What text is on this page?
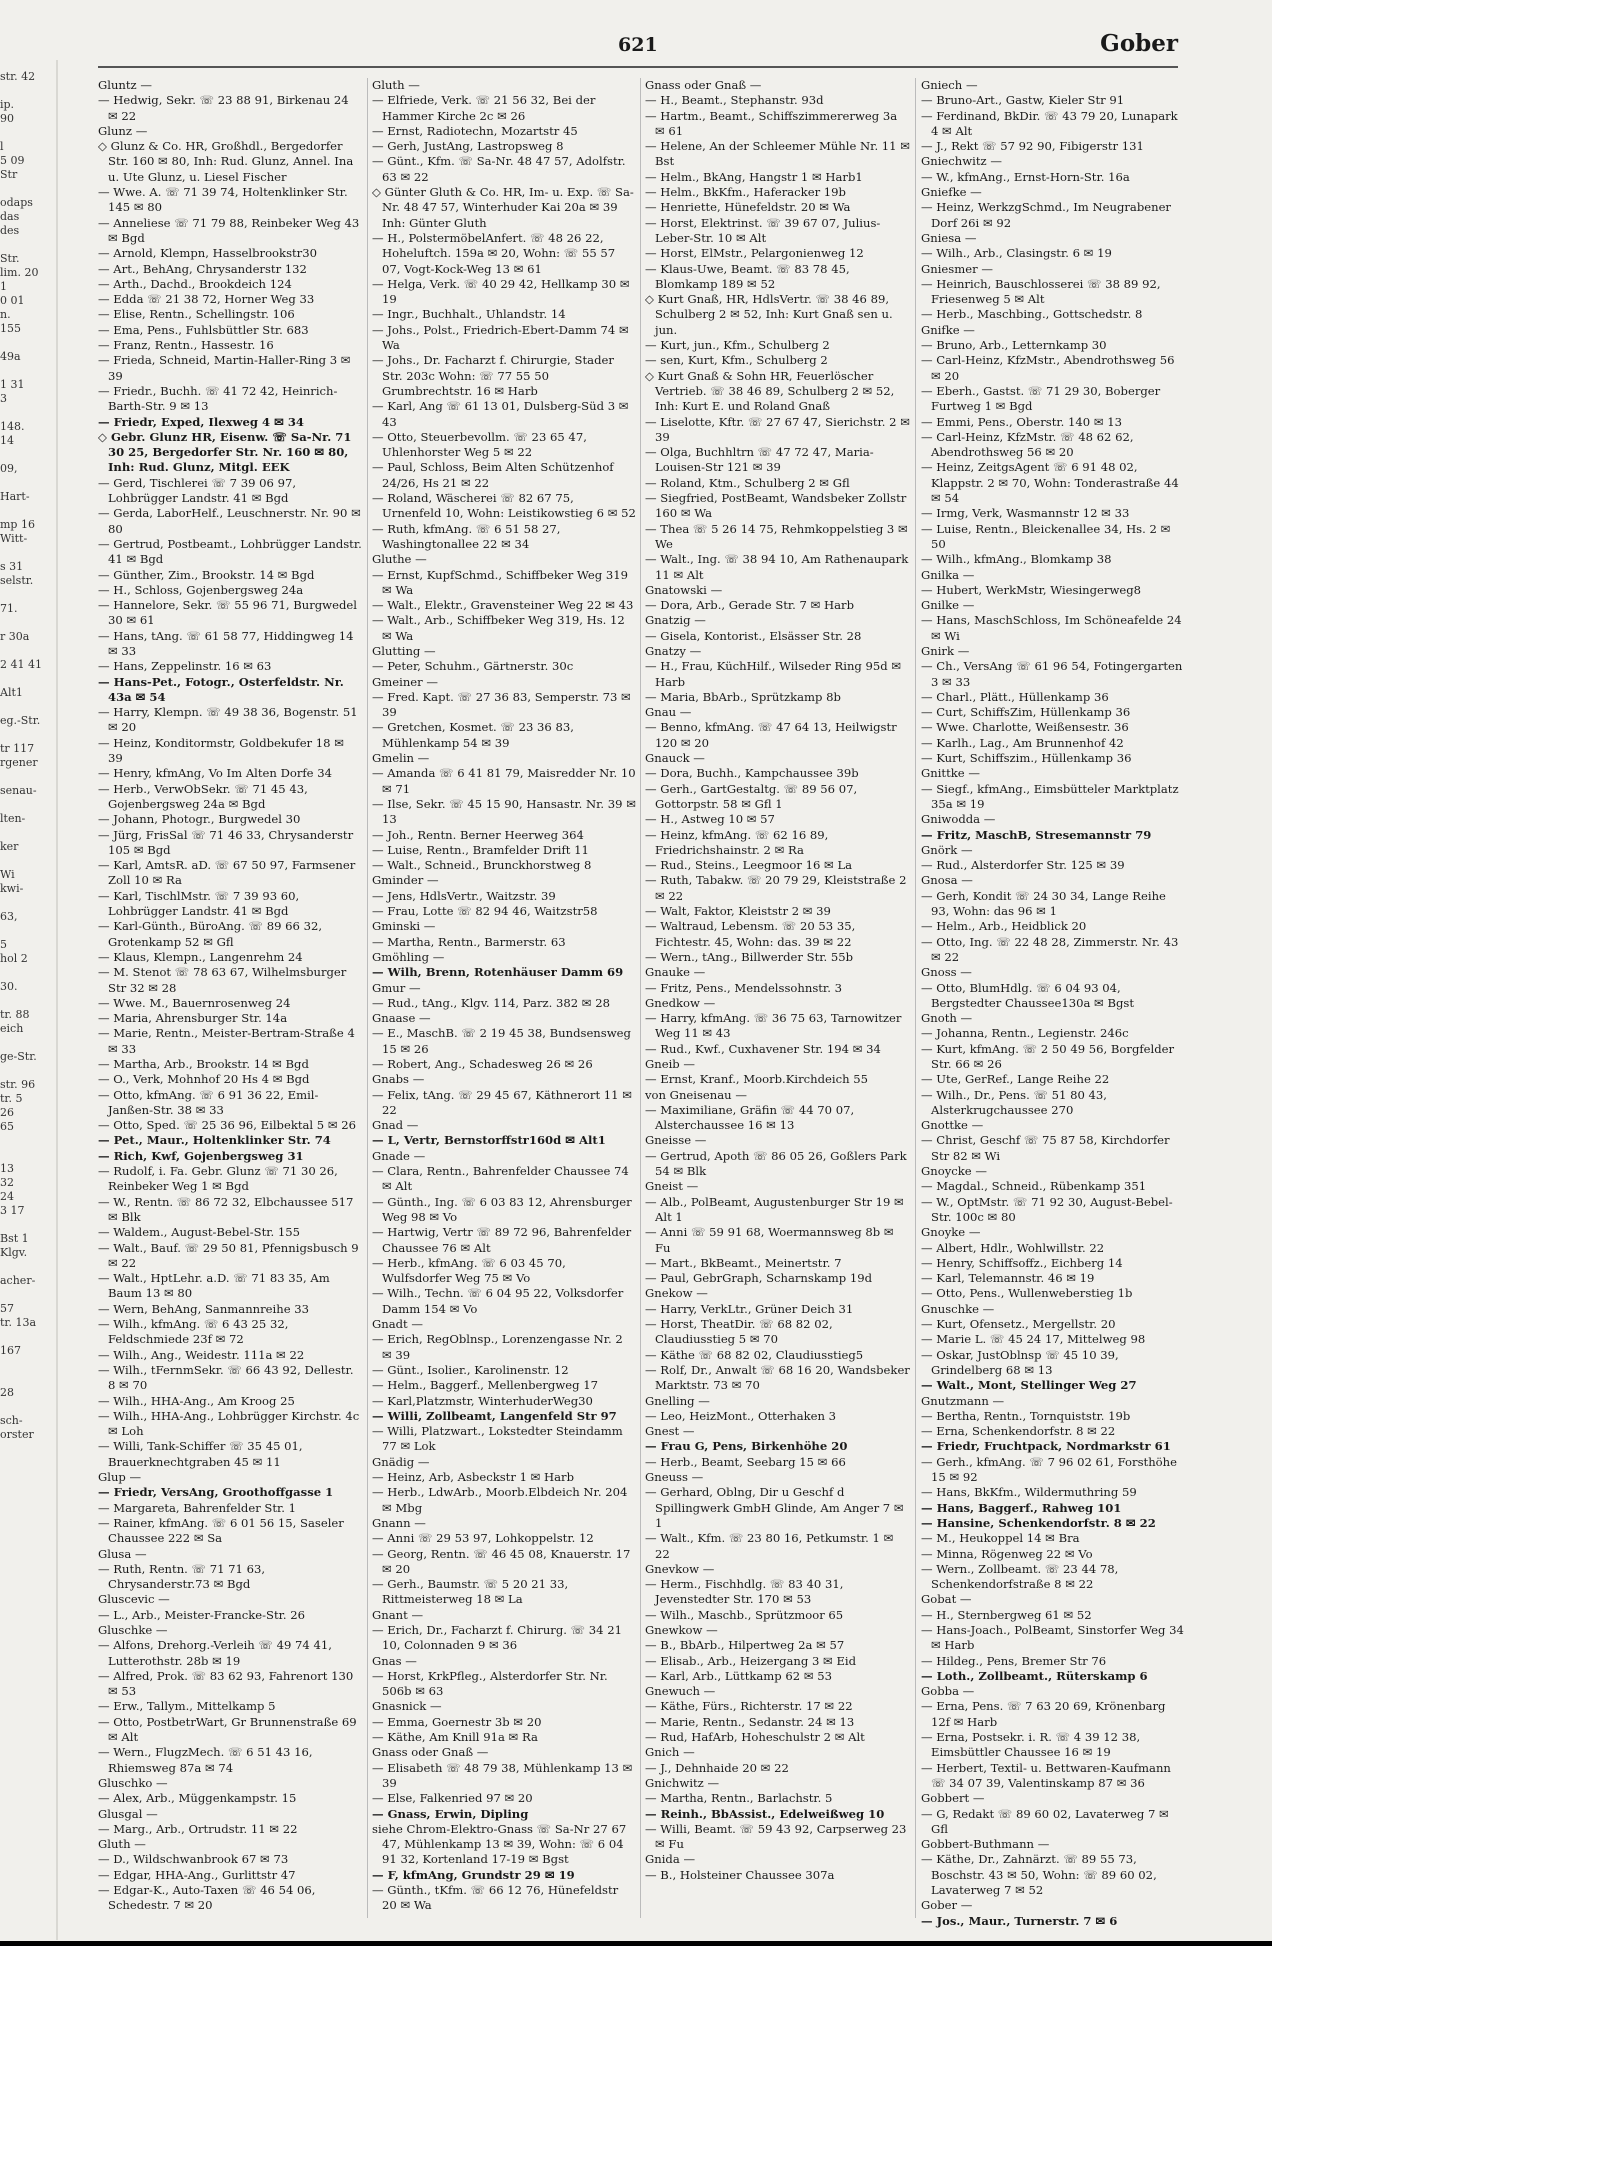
str. 42
ip.
90
l
5 09
Str
odaps
das
des
Str.
lim. 20
1
0 01
n.
155
49a
1 31
3
148.
14
09,
Hart-
mp 16
Witt-
s 31
selstr.
71.
r 30a
2 41 41
Alt1
eg.-Str.
tr 117
rgener
senau-
lten-
ker
Wi
kwi-
63,
5
hol 2
30.
tr. 88
eich
ge-Str.
str. 96
tr. 5
26
65
13
32
24
3 17
Bst 1
Klgv.
acher-
57
tr. 13a
167
28
sch-
orster
621	Gober
Gluntz —
— Hedwig, Sekr. ☏ 23 88 91, Birkenau 24 ✉ 22
Glunz —
◇ Glunz & Co. HR, Großhdl., Bergedorfer Str. 160 ✉ 80, Inh: Rud. Glunz, Annel. Ina u. Ute Glunz, u. Liesel Fischer
— Wwe. A. ☏ 71 39 74, Holtenklinker Str. 145 ✉ 80
— Anneliese ☏ 71 79 88, Reinbeker Weg 43 ✉ Bgd
— Arnold, Klempn, Hasselbrookstr30
— Art., BehAng, Chrysanderstr 132
— Arth., Dachd., Brookdeich 124
— Edda ☏ 21 38 72, Horner Weg 33
— Elise, Rentn., Schellingstr. 106
— Ema, Pens., Fuhlsbüttler Str. 683
— Franz, Rentn., Hassestr. 16
— Frieda, Schneid, Martin-Haller-Ring 3 ✉ 39
— Friedr., Buchh. ☏ 41 72 42, Heinrich-Barth-Str. 9 ✉ 13
— Friedr, Exped, Ilexweg 4 ✉ 34
◇ Gebr. Glunz HR, Eisenw. ☏ Sa-Nr. 71 30 25, Bergedorfer Str. Nr. 160 ✉ 80, Inh: Rud. Glunz, Mitgl. EEK
— Gerd, Tischlerei ☏ 7 39 06 97, Lohbrügger Landstr. 41 ✉ Bgd
— Gerda, LaborHelf., Leuschnerstr. Nr. 90 ✉ 80
— Gertrud, Postbeamt., Lohbrügger Landstr. 41 ✉ Bgd
— Günther, Zim., Brookstr. 14 ✉ Bgd
— H., Schloss, Gojenbergsweg 24a
— Hannelore, Sekr. ☏ 55 96 71, Burgwedel 30 ✉ 61
— Hans, tAng. ☏ 61 58 77, Hiddingweg 14 ✉ 33
— Hans, Zeppelinstr. 16 ✉ 63
— Hans-Pet., Fotogr., Osterfeldstr. Nr. 43a ✉ 54
— Harry, Klempn. ☏ 49 38 36, Bogenstr. 51 ✉ 20
— Heinz, Konditormstr, Goldbekufer 18 ✉ 39
— Henry, kfmAng, Vo Im Alten Dorfe 34
— Herb., VerwObSekr. ☏ 71 45 43, Gojenbergsweg 24a ✉ Bgd
— Johann, Photogr., Burgwedel 30
— Jürg, FrisSal ☏ 71 46 33, Chrysanderstr 105 ✉ Bgd
— Karl, AmtsR. aD. ☏ 67 50 97, Farmsener Zoll 10 ✉ Ra
— Karl, TischlMstr. ☏ 7 39 93 60, Lohbrügger Landstr. 41 ✉ Bgd
— Karl-Günth., BüroAng. ☏ 89 66 32, Grotenkamp 52 ✉ Gfl
— Klaus, Klempn., Langenrehm 24
— M. Stenot ☏ 78 63 67, Wilhelmsburger Str 32 ✉ 28
— Wwe. M., Bauernrosenweg 24
— Maria, Ahrensburger Str. 14a
— Marie, Rentn., Meister-Bertram-Straße 4 ✉ 33
— Martha, Arb., Brookstr. 14 ✉ Bgd
— O., Verk, Mohnhof 20 Hs 4 ✉ Bgd
— Otto, kfmAng. ☏ 6 91 36 22, Emil-Janßen-Str. 38 ✉ 33
— Otto, Sped. ☏ 25 36 96, Eilbektal 5 ✉ 26
— Pet., Maur., Holtenklinker Str. 74
— Rich, Kwf, Gojenbergsweg 31
— Rudolf, i. Fa. Gebr. Glunz ☏ 71 30 26, Reinbeker Weg 1 ✉ Bgd
— W., Rentn. ☏ 86 72 32, Elbchaussee 517 ✉ Blk
— Waldem., August-Bebel-Str. 155
— Walt., Bauf. ☏ 29 50 81, Pfennigsbusch 9 ✉ 22
— Walt., HptLehr. a.D. ☏ 71 83 35, Am Baum 13 ✉ 80
— Wern, BehAng, Sanmannreihe 33
— Wilh., kfmAng. ☏ 6 43 25 32, Feldschmiede 23f ✉ 72
— Wilh., Ang., Weidestr. 111a ✉ 22
— Wilh., tFernmSekr. ☏ 66 43 92, Dellestr. 8 ✉ 70
— Wilh., HHA-Ang., Am Kroog 25
— Wilh., HHA-Ang., Lohbrügger Kirchstr. 4c ✉ Loh
— Willi, Tank-Schiffer ☏ 35 45 01, Brauerknechtgraben 45 ✉ 11
Glup —
— Friedr, VersAng, Groothoffgasse 1
— Margareta, Bahrenfelder Str. 1
— Rainer, kfmAng. ☏ 6 01 56 15, Saseler Chaussee 222 ✉ Sa
Glusa —
— Ruth, Rentn. ☏ 71 71 63, Chrysanderstr.73 ✉ Bgd
Gluscevic —
— L., Arb., Meister-Francke-Str. 26
Gluschke —
— Alfons, Drehorg.-Verleih ☏ 49 74 41, Lutterothstr. 28b ✉ 19
— Alfred, Prok. ☏ 83 62 93, Fahrenort 130 ✉ 53
— Erw., Tallym., Mittelkamp 5
— Otto, PostbetrWart, Gr Brunnenstraße 69 ✉ Alt
— Wern., FlugzMech. ☏ 6 51 43 16, Rhiemsweg 87a ✉ 74
Gluschko —
— Alex, Arb., Müggenkampstr. 15
Glusgal —
— Marg., Arb., Ortrudstr. 11 ✉ 22
Gluth —
— D., Wildschwanbrook 67 ✉ 73
— Edgar, HHA-Ang., Gurlittstr 47
— Edgar-K., Auto-Taxen ☏ 46 54 06, Schedestr. 7 ✉ 20
Gluth —
— Elfriede, Verk. ☏ 21 56 32, Bei der Hammer Kirche 2c ✉ 26
— Ernst, Radiotechn, Mozartstr 45
— Gerh, JustAng, Lastropsweg 8
— Günt., Kfm. ☏ Sa-Nr. 48 47 57, Adolfstr. 63 ✉ 22
◇ Günter Gluth & Co. HR, Im- u. Exp. ☏ Sa-Nr. 48 47 57, Winterhuder Kai 20a ✉ 39 Inh: Günter Gluth
— H., PolstermöbelAnfert. ☏ 48 26 22, Hoheluftch. 159a ✉ 20, Wohn: ☏ 55 57 07, Vogt-Kock-Weg 13 ✉ 61
— Helga, Verk. ☏ 40 29 42, Hellkamp 30 ✉ 19
— Ingr., Buchhalt., Uhlandstr. 14
— Johs., Polst., Friedrich-Ebert-Damm 74 ✉ Wa
— Johs., Dr. Facharzt f. Chirurgie, Stader Str. 203c Wohn: ☏ 77 55 50 Grumbrechtstr. 16 ✉ Harb
— Karl, Ang ☏ 61 13 01, Dulsberg-Süd 3 ✉ 43
— Otto, Steuerbevollm. ☏ 23 65 47, Uhlenhorster Weg 5 ✉ 22
— Paul, Schloss, Beim Alten Schützenhof 24/26, Hs 21 ✉ 22
— Roland, Wäscherei ☏ 82 67 75, Urnenfeld 10, Wohn: Leistikowstieg 6 ✉ 52
— Ruth, kfmAng. ☏ 6 51 58 27, Washingtonallee 22 ✉ 34
Gluthe —
— Ernst, KupfSchmd., Schiffbeker Weg 319 ✉ Wa
— Walt., Elektr., Gravensteiner Weg 22 ✉ 43
— Walt., Arb., Schiffbeker Weg 319, Hs. 12 ✉ Wa
Glutting —
— Peter, Schuhm., Gärtnerstr. 30c
Gmeiner —
— Fred. Kapt. ☏ 27 36 83, Semperstr. 73 ✉ 39
— Gretchen, Kosmet. ☏ 23 36 83, Mühlenkamp 54 ✉ 39
Gmelin —
— Amanda ☏ 6 41 81 79, Maisredder Nr. 10 ✉ 71
— Ilse, Sekr. ☏ 45 15 90, Hansastr. Nr. 39 ✉ 13
— Joh., Rentn. Berner Heerweg 364
— Luise, Rentn., Bramfelder Drift 11
— Walt., Schneid., Brunckhorstweg 8
Gminder —
— Jens, HdlsVertr., Waitzstr. 39
— Frau, Lotte ☏ 82 94 46, Waitzstr58
Gminski —
— Martha, Rentn., Barmerstr. 63
Gmöhling —
— Wilh, Brenn, Rotenhäuser Damm 69
Gmur —
— Rud., tAng., Klgv. 114, Parz. 382 ✉ 28
Gnaase —
— E., MaschB. ☏ 2 19 45 38, Bundsensweg 15 ✉ 26
— Robert, Ang., Schadesweg 26 ✉ 26
Gnabs —
— Felix, tAng. ☏ 29 45 67, Käthnerort 11 ✉ 22
Gnad —
— L, Vertr, Bernstorffstr160d ✉ Alt1
Gnade —
— Clara, Rentn., Bahrenfelder Chaussee 74 ✉ Alt
— Günth., Ing. ☏ 6 03 83 12, Ahrensburger Weg 98 ✉ Vo
— Hartwig, Vertr ☏ 89 72 96, Bahrenfelder Chaussee 76 ✉ Alt
— Herb., kfmAng. ☏ 6 03 45 70, Wulfsdorfer Weg 75 ✉ Vo
— Wilh., Techn. ☏ 6 04 95 22, Volksdorfer Damm 154 ✉ Vo
Gnadt —
— Erich, RegOblnsp., Lorenzengasse Nr. 2 ✉ 39
— Günt., Isolier., Karolinenstr. 12
— Helm., Baggerf., Mellenbergweg 17
— Karl,Platzmstr, WinterhuderWeg30
— Willi, Zollbeamt, Langenfeld Str 97
— Willi, Platzwart., Lokstedter Steindamm 77 ✉ Lok
Gnädig —
— Heinz, Arb, Asbeckstr 1 ✉ Harb
— Herb., LdwArb., Moorb.Elbdeich Nr. 204 ✉ Mbg
Gnann —
— Anni ☏ 29 53 97, Lohkoppelstr. 12
— Georg, Rentn. ☏ 46 45 08, Knauerstr. 17 ✉ 20
— Gerh., Baumstr. ☏ 5 20 21 33, Rittmeisterweg 18 ✉ La
Gnant —
— Erich, Dr., Facharzt f. Chirurg. ☏ 34 21 10, Colonnaden 9 ✉ 36
Gnas —
— Horst, KrkPfleg., Alsterdorfer Str. Nr. 506b ✉ 63
Gnasnick —
— Emma, Goernestr 3b ✉ 20
— Käthe, Am Knill 91a ✉ Ra
Gnass oder Gnaß —
— Elisabeth ☏ 48 79 38, Mühlenkamp 13 ✉ 39
— Else, Falkenried 97 ✉ 20
— Gnass, Erwin, Dipling
siehe Chrom-Elektro-Gnass ☏ Sa-Nr 27 67 47, Mühlenkamp 13 ✉ 39, Wohn: ☏ 6 04 91 32, Kortenland 17-19 ✉ Bgst
— F, kfmAng, Grundstr 29 ✉ 19
— Günth., tKfm. ☏ 66 12 76, Hünefeldstr 20 ✉ Wa
Gnass oder Gnaß —
— H., Beamt., Stephanstr. 93d
— Hartm., Beamt., Schiffszimmererweg 3a ✉ 61
— Helene, An der Schleemer Mühle Nr. 11 ✉ Bst
— Helm., BkAng, Hangstr 1 ✉ Harb1
— Helm., BkKfm., Haferacker 19b
— Henriette, Hünefeldstr. 20 ✉ Wa
— Horst, Elektrinst. ☏ 39 67 07, Julius-Leber-Str. 10 ✉ Alt
— Horst, ElMstr., Pelargonienweg 12
— Klaus-Uwe, Beamt. ☏ 83 78 45, Blomkamp 189 ✉ 52
◇ Kurt Gnaß, HR, HdlsVertr. ☏ 38 46 89, Schulberg 2 ✉ 52, Inh: Kurt Gnaß sen u. jun.
— Kurt, jun., Kfm., Schulberg 2
— sen, Kurt, Kfm., Schulberg 2
◇ Kurt Gnaß & Sohn HR, Feuerlöscher Vertrieb. ☏ 38 46 89, Schulberg 2 ✉ 52, Inh: Kurt E. und Roland Gnaß
— Liselotte, Kftr. ☏ 27 67 47, Sierichstr. 2 ✉ 39
— Olga, Buchhltrn ☏ 47 72 47, Maria-Louisen-Str 121 ✉ 39
— Roland, Ktm., Schulberg 2 ✉ Gfl
— Siegfried, PostBeamt, Wandsbeker Zollstr 160 ✉ Wa
— Thea ☏ 5 26 14 75, Rehmkoppelstieg 3 ✉ We
— Walt., Ing. ☏ 38 94 10, Am Rathenaupark 11 ✉ Alt
Gnatowski —
— Dora, Arb., Gerade Str. 7 ✉ Harb
Gnatzig —
— Gisela, Kontorist., Elsässer Str. 28
Gnatzy —
— H., Frau, KüchHilf., Wilseder Ring 95d ✉ Harb
— Maria, BbArb., Sprützkamp 8b
Gnau —
— Benno, kfmAng. ☏ 47 64 13, Heilwigstr 120 ✉ 20
Gnauck —
— Dora, Buchh., Kampchaussee 39b
— Gerh., GartGestaltg. ☏ 89 56 07, Gottorpstr. 58 ✉ Gfl 1
— H., Astweg 10 ✉ 57
— Heinz, kfmAng. ☏ 62 16 89, Friedrichshainstr. 2 ✉ Ra
— Rud., Steins., Leegmoor 16 ✉ La
— Ruth, Tabakw. ☏ 20 79 29, Kleiststraße 2 ✉ 22
— Walt, Faktor, Kleiststr 2 ✉ 39
— Waltraud, Lebensm. ☏ 20 53 35, Fichtestr. 45, Wohn: das. 39 ✉ 22
— Wern., tAng., Billwerder Str. 55b
Gnauke —
— Fritz, Pens., Mendelssohnstr. 3
Gnedkow —
— Harry, kfmAng. ☏ 36 75 63, Tarnowitzer Weg 11 ✉ 43
— Rud., Kwf., Cuxhavener Str. 194 ✉ 34
Gneib —
— Ernst, Kranf., Moorb.Kirchdeich 55
von Gneisenau —
— Maximiliane, Gräfin ☏ 44 70 07, Alsterchaussee 16 ✉ 13
Gneisse —
— Gertrud, Apoth ☏ 86 05 26, Goßlers Park 54 ✉ Blk
Gneist —
— Alb., PolBeamt, Augustenburger Str 19 ✉ Alt 1
— Anni ☏ 59 91 68, Woermannsweg 8b ✉ Fu
— Mart., BkBeamt., Meinertstr. 7
— Paul, GebrGraph, Scharnskamp 19d
Gnekow —
— Harry, VerkLtr., Grüner Deich 31
— Horst, TheatDir. ☏ 68 82 02, Claudiusstieg 5 ✉ 70
— Käthe ☏ 68 82 02, Claudiusstieg5
— Rolf, Dr., Anwalt ☏ 68 16 20, Wandsbeker Marktstr. 73 ✉ 70
Gnelling —
— Leo, HeizMont., Otterhaken 3
Gnest —
— Frau G, Pens, Birkenhöhe 20
— Herb., Beamt, Seebarg 15 ✉ 66
Gneuss —
— Gerhard, Oblng, Dir u Geschf d Spillingwerk GmbH Glinde, Am Anger 7 ✉ 1
— Walt., Kfm. ☏ 23 80 16, Petkumstr. 1 ✉ 22
Gnevkow —
— Herm., Fischhdlg. ☏ 83 40 31, Jevenstedter Str. 170 ✉ 53
— Wilh., Maschb., Sprützmoor 65
Gnewkow —
— B., BbArb., Hilpertweg 2a ✉ 57
— Elisab., Arb., Heizergang 3 ✉ Eid
— Karl, Arb., Lüttkamp 62 ✉ 53
Gnewuch —
— Käthe, Fürs., Richterstr. 17 ✉ 22
— Marie, Rentn., Sedanstr. 24 ✉ 13
— Rud, HafArb, Hoheschulstr 2 ✉ Alt
Gnich —
— J., Dehnhaide 20 ✉ 22
Gnichwitz —
— Martha, Rentn., Barlachstr. 5
— Reinh., BbAssist., Edelweißweg 10
— Willi, Beamt. ☏ 59 43 92, Carpserweg 23 ✉ Fu
Gnida —
— B., Holsteiner Chaussee 307a
Gniech —
— Bruno-Art., Gastw, Kieler Str 91
— Ferdinand, BkDir. ☏ 43 79 20, Lunapark 4 ✉ Alt
— J., Rekt ☏ 57 92 90, Fibigerstr 131
Gniechwitz —
— W., kfmAng., Ernst-Horn-Str. 16a
Gniefke —
— Heinz, WerkzgSchmd., Im Neugrabener Dorf 26i ✉ 92
Gniesa —
— Wilh., Arb., Clasingstr. 6 ✉ 19
Gniesmer —
— Heinrich, Bauschlosserei ☏ 38 89 92, Friesenweg 5 ✉ Alt
— Herb., Maschbing., Gottschedstr. 8
Gnifke —
— Bruno, Arb., Letternkamp 30
— Carl-Heinz, KfzMstr., Abendrothsweg 56 ✉ 20
— Eberh., Gastst. ☏ 71 29 30, Boberger Furtweg 1 ✉ Bgd
— Emmi, Pens., Oberstr. 140 ✉ 13
— Carl-Heinz, KfzMstr. ☏ 48 62 62, Abendrothsweg 56 ✉ 20
— Heinz, ZeitgsAgent ☏ 6 91 48 02, Klappstr. 2 ✉ 70, Wohn: Tonderastraße 44 ✉ 54
— Irmg, Verk, Wasmannstr 12 ✉ 33
— Luise, Rentn., Bleickenallee 34, Hs. 2 ✉ 50
— Wilh., kfmAng., Blomkamp 38
Gnilka —
— Hubert, WerkMstr, Wiesingerweg8
Gnilke —
— Hans, MaschSchloss, Im Schöneafelde 24 ✉ Wi
Gnirk —
— Ch., VersAng ☏ 61 96 54, Fotingergarten 3 ✉ 33
— Charl., Plätt., Hüllenkamp 36
— Curt, SchiffsZim, Hüllenkamp 36
— Wwe. Charlotte, Weißensestr. 36
— Karlh., Lag., Am Brunnenhof 42
— Kurt, Schiffszim., Hüllenkamp 36
Gnittke —
— Siegf., kfmAng., Eimsbütteler Marktplatz 35a ✉ 19
Gniwodda —
— Fritz, MaschB, Stresemannstr 79
Gnörk —
— Rud., Alsterdorfer Str. 125 ✉ 39
Gnosa —
— Gerh, Kondit ☏ 24 30 34, Lange Reihe 93, Wohn: das 96 ✉ 1
— Helm., Arb., Heidblick 20
— Otto, Ing. ☏ 22 48 28, Zimmerstr. Nr. 43 ✉ 22
Gnoss —
— Otto, BlumHdlg. ☏ 6 04 93 04, Bergstedter Chaussee130a ✉ Bgst
Gnoth —
— Johanna, Rentn., Legienstr. 246c
— Kurt, kfmAng. ☏ 2 50 49 56, Borgfelder Str. 66 ✉ 26
— Ute, GerRef., Lange Reihe 22
— Wilh., Dr., Pens. ☏ 51 80 43, Alsterkrugchaussee 270
Gnottke —
— Christ, Geschf ☏ 75 87 58, Kirchdorfer Str 82 ✉ Wi
Gnoycke —
— Magdal., Schneid., Rübenkamp 351
— W., OptMstr. ☏ 71 92 30, August-Bebel-Str. 100c ✉ 80
Gnoyke —
— Albert, Hdlr., Wohlwillstr. 22
— Henry, Schiffsoffz., Eichberg 14
— Karl, Telemannstr. 46 ✉ 19
— Otto, Pens., Wullenweberstieg 1b
Gnuschke —
— Kurt, Ofensetz., Mergellstr. 20
— Marie L. ☏ 45 24 17, Mittelweg 98
— Oskar, JustOblnsp ☏ 45 10 39, Grindelberg 68 ✉ 13
— Walt., Mont, Stellinger Weg 27
Gnutzmann —
— Bertha, Rentn., Tornquiststr. 19b
— Erna, Schenkendorfstr. 8 ✉ 22
— Friedr, Fruchtpack, Nordmarkstr 61
— Gerh., kfmAng. ☏ 7 96 02 61, Forsthöhe 15 ✉ 92
— Hans, BkKfm., Wildermuthring 59
— Hans, Baggerf., Rahweg 101
— Hansine, Schenkendorfstr. 8 ✉ 22
— M., Heukoppel 14 ✉ Bra
— Minna, Rögenweg 22 ✉ Vo
— Wern., Zollbeamt. ☏ 23 44 78, Schenkendorfstraße 8 ✉ 22
Gobat —
— H., Sternbergweg 61 ✉ 52
— Hans-Joach., PolBeamt, Sinstorfer Weg 34 ✉ Harb
— Hildeg., Pens, Bremer Str 76
— Loth., Zollbeamt., Rüterskamp 6
Gobba —
— Erna, Pens. ☏ 7 63 20 69, Krönenbarg 12f ✉ Harb
— Erna, Postsekr. i. R. ☏ 4 39 12 38, Eimsbüttler Chaussee 16 ✉ 19
— Herbert, Textil- u. Bettwaren-Kaufmann ☏ 34 07 39, Valentinskamp 87 ✉ 36
Gobbert —
— G, Redakt ☏ 89 60 02, Lavaterweg 7 ✉ Gfl
Gobbert-Buthmann —
— Käthe, Dr., Zahnärzt. ☏ 89 55 73, Boschstr. 43 ✉ 50, Wohn: ☏ 89 60 02, Lavaterweg 7 ✉ 52
Gober —
— Jos., Maur., Turnerstr. 7 ✉ 6
